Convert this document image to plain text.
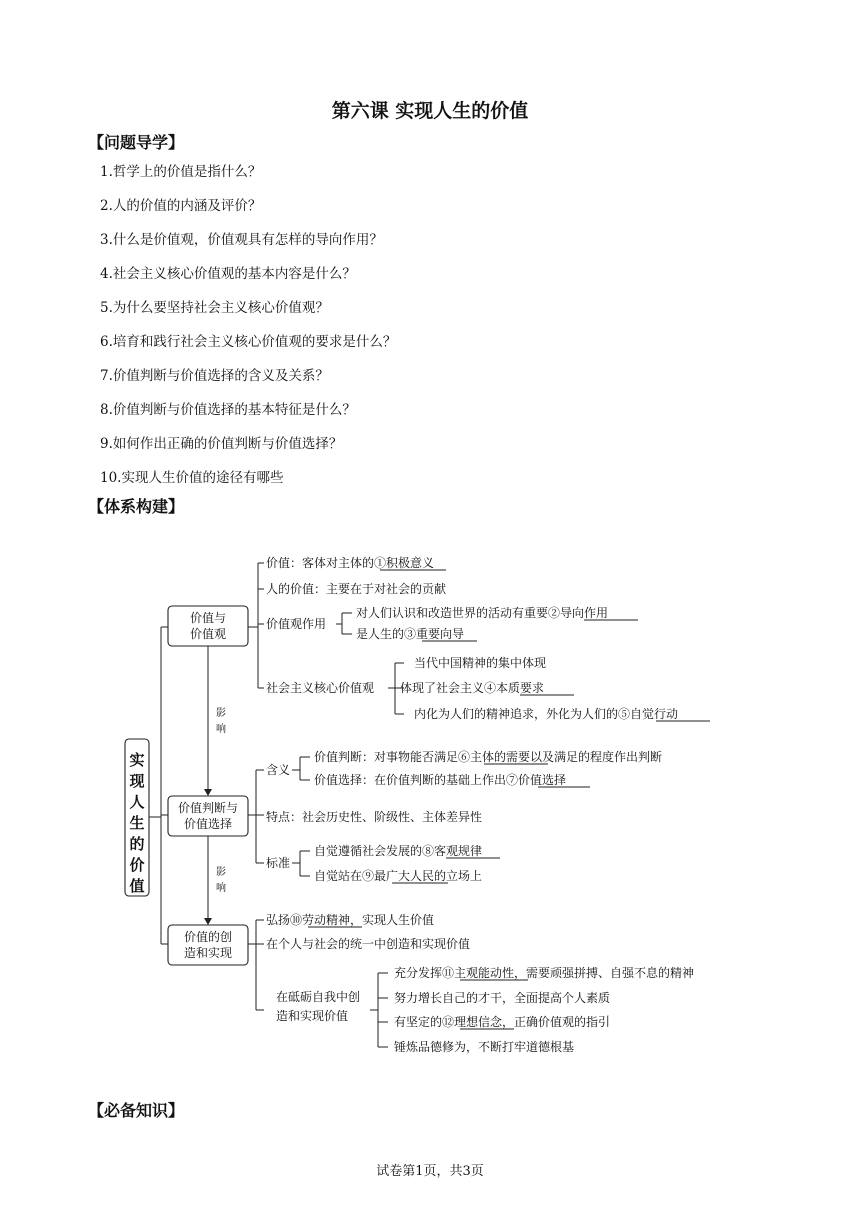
第六课 实现人生的价值
【问题导学】
1.哲学上的价值是指什么？
2.人的价值的内涵及评价？
3.什么是价值观，价值观具有怎样的导向作用？
4.社会主义核心价值观的基本内容是什么？
5.为什么要坚持社会主义核心价值观？
6.培育和践行社会主义核心价值观的要求是什么？
7.价值判断与价值选择的含义及关系？
8.价值判断与价值选择的基本特征是什么？
9.如何作出正确的价值判断与价值选择？
10.实现人生价值的途径有哪些
【体系构建】
实
现
人
生
的
价
值
价值与
价值观
价值判断与
价值选择
价值的创
造和实现
影
响
影
响
价值：客体对主体的①积极意义
人的价值：主要在于对社会的贡献
价值观作用
对人们认识和改造世界的活动有重要②导向作用
是人生的③重要向导
社会主义核心价值观
当代中国精神的集中体现
体现了社会主义④本质要求
内化为人们的精神追求，外化为人们的⑤自觉行动
含义
价值判断：对事物能否满足⑥主体的需要以及满足的程度作出判断
价值选择：在价值判断的基础上作出⑦价值选择
特点：社会历史性、阶级性、主体差异性
标准
自觉遵循社会发展的⑧客观规律
自觉站在⑨最广大人民的立场上
弘扬⑩劳动精神，实现人生价值
在个人与社会的统一中创造和实现价值
在砥砺自我中创
造和实现价值
充分发挥⑪主观能动性，需要顽强拼搏、自强不息的精神
努力增长自己的才干，全面提高个人素质
有坚定的⑫理想信念，正确价值观的指引
锤炼品德修为，不断打牢道德根基
【必备知识】
试卷第1页，共3页
